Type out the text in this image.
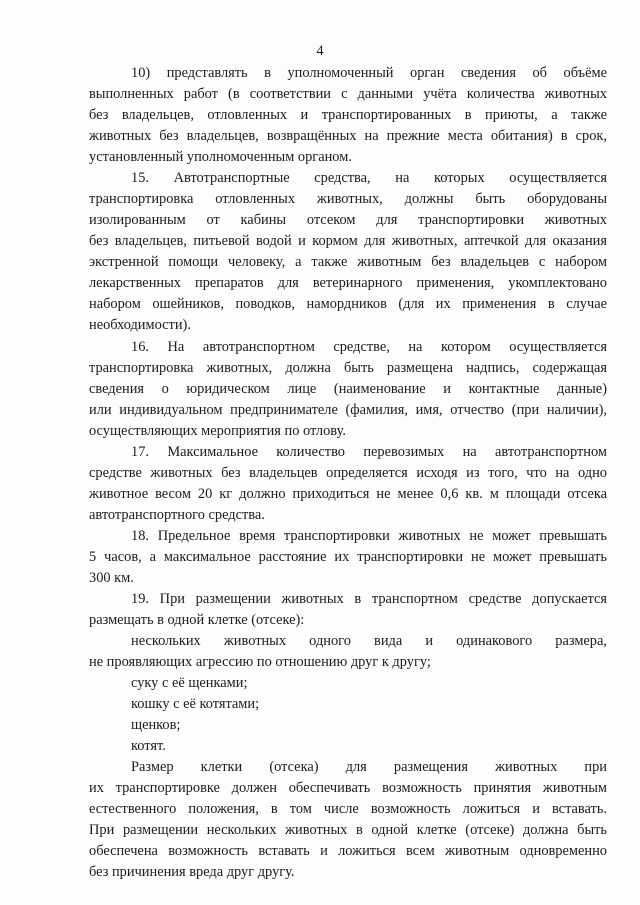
4
10) представлять в уполномоченный орган сведения об объёме
выполненных работ (в соответствии с данными учёта количества животных
без владельцев, отловленных и транспортированных в приюты, а также
животных без владельцев, возвращённых на прежние места обитания) в срок,
установленный уполномоченным органом.
15. Автотранспортные средства, на которых осуществляется
транспортировка отловленных животных, должны быть оборудованы
изолированным от кабины отсеком для транспортировки животных
без владельцев, питьевой водой и кормом для животных, аптечкой для оказания
экстренной помощи человеку, а также животным без владельцев с набором
лекарственных препаратов для ветеринарного применения, укомплектовано
набором ошейников, поводков, намордников (для их применения в случае
необходимости).
16. На автотранспортном средстве, на котором осуществляется
транспортировка животных, должна быть размещена надпись, содержащая
сведения о юридическом лице (наименование и контактные данные)
или индивидуальном предпринимателе (фамилия, имя, отчество (при наличии),
осуществляющих мероприятия по отлову.
17. Максимальное количество перевозимых на автотранспортном
средстве животных без владельцев определяется исходя из того, что на одно
животное весом 20 кг должно приходиться не менее 0,6 кв. м площади отсека
автотранспортного средства.
18. Предельное время транспортировки животных не может превышать
5 часов, а максимальное расстояние их транспортировки не может превышать
300 км.
19. При размещении животных в транспортном средстве допускается
размещать в одной клетке (отсеке):
нескольких животных одного вида и одинакового размера,
не проявляющих агрессию по отношению друг к другу;
суку с её щенками;
кошку с её котятами;
щенков;
котят.
Размер клетки (отсека) для размещения животных при
их транспортировке должен обеспечивать возможность принятия животным
естественного положения, в том числе возможность ложиться и вставать.
При размещении нескольких животных в одной клетке (отсеке) должна быть
обеспечена возможность вставать и ложиться всем животным одновременно
без причинения вреда друг другу.
